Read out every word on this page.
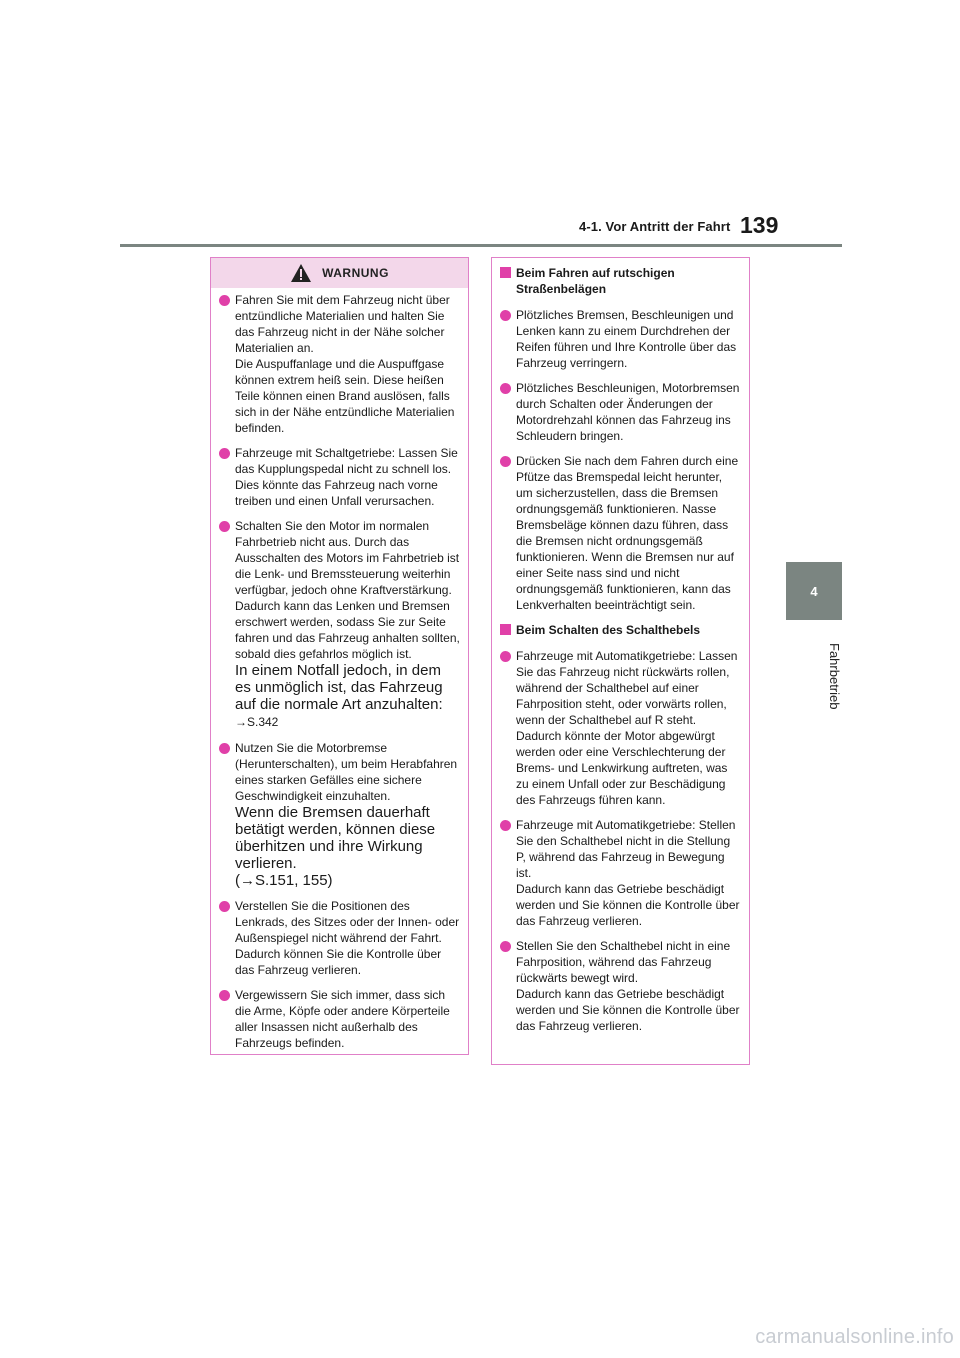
4-1. Vor Antritt der Fahrt 139
4
Fahrbetrieb
WARNUNG
Fahren Sie mit dem Fahrzeug nicht über entzündliche Materialien und halten Sie das Fahrzeug nicht in der Nähe solcher Materialien an.
Die Auspuffanlage und die Auspuffgase können extrem heiß sein. Diese heißen Teile können einen Brand auslösen, falls sich in der Nähe entzündliche Materialien befinden.
Fahrzeuge mit Schaltgetriebe: Lassen Sie das Kupplungspedal nicht zu schnell los. Dies könnte das Fahrzeug nach vorne treiben und einen Unfall verursachen.
Schalten Sie den Motor im normalen Fahrbetrieb nicht aus. Durch das Ausschalten des Motors im Fahrbetrieb ist die Lenk- und Bremssteuerung weiterhin verfügbar, jedoch ohne Kraftverstärkung. Dadurch kann das Lenken und Bremsen erschwert werden, sodass Sie zur Seite fahren und das Fahrzeug anhalten sollten, sobald dies gefahrlos möglich ist.
In einem Notfall jedoch, in dem es unmöglich ist, das Fahrzeug auf die normale Art anzuhalten: →S.342
Nutzen Sie die Motorbremse (Herunterschalten), um beim Herabfahren eines starken Gefälles eine sichere Geschwindigkeit einzuhalten.
Wenn die Bremsen dauerhaft betätigt werden, können diese überhitzen und ihre Wirkung verlieren.
(→S.151, 155)
Verstellen Sie die Positionen des Lenkrads, des Sitzes oder der Innen- oder Außenspiegel nicht während der Fahrt. Dadurch können Sie die Kontrolle über das Fahrzeug verlieren.
Vergewissern Sie sich immer, dass sich die Arme, Köpfe oder andere Körperteile aller Insassen nicht außerhalb des Fahrzeugs befinden.
Beim Fahren auf rutschigen Straßenbelägen
Plötzliches Bremsen, Beschleunigen und Lenken kann zu einem Durchdrehen der Reifen führen und Ihre Kontrolle über das Fahrzeug verringern.
Plötzliches Beschleunigen, Motorbremsen durch Schalten oder Änderungen der Motordrehzahl können das Fahrzeug ins Schleudern bringen.
Drücken Sie nach dem Fahren durch eine Pfütze das Bremspedal leicht herunter, um sicherzustellen, dass die Bremsen ordnungsgemäß funktionieren. Nasse Bremsbeläge können dazu führen, dass die Bremsen nicht ordnungsgemäß funktionieren. Wenn die Bremsen nur auf einer Seite nass sind und nicht ordnungsgemäß funktionieren, kann das Lenkverhalten beeinträchtigt sein.
Beim Schalten des Schalthebels
Fahrzeuge mit Automatikgetriebe: Lassen Sie das Fahrzeug nicht rückwärts rollen, während der Schalthebel auf einer Fahrposition steht, oder vorwärts rollen, wenn der Schalthebel auf R steht.
Dadurch könnte der Motor abgewürgt werden oder eine Verschlechterung der Brems- und Lenkwirkung auftreten, was zu einem Unfall oder zur Beschädigung des Fahrzeugs führen kann.
Fahrzeuge mit Automatikgetriebe: Stellen Sie den Schalthebel nicht in die Stellung P, während das Fahrzeug in Bewegung ist.
Dadurch kann das Getriebe beschädigt werden und Sie können die Kontrolle über das Fahrzeug verlieren.
Stellen Sie den Schalthebel nicht in eine Fahrposition, während das Fahrzeug rückwärts bewegt wird.
Dadurch kann das Getriebe beschädigt werden und Sie können die Kontrolle über das Fahrzeug verlieren.
carmanualsonline.info
